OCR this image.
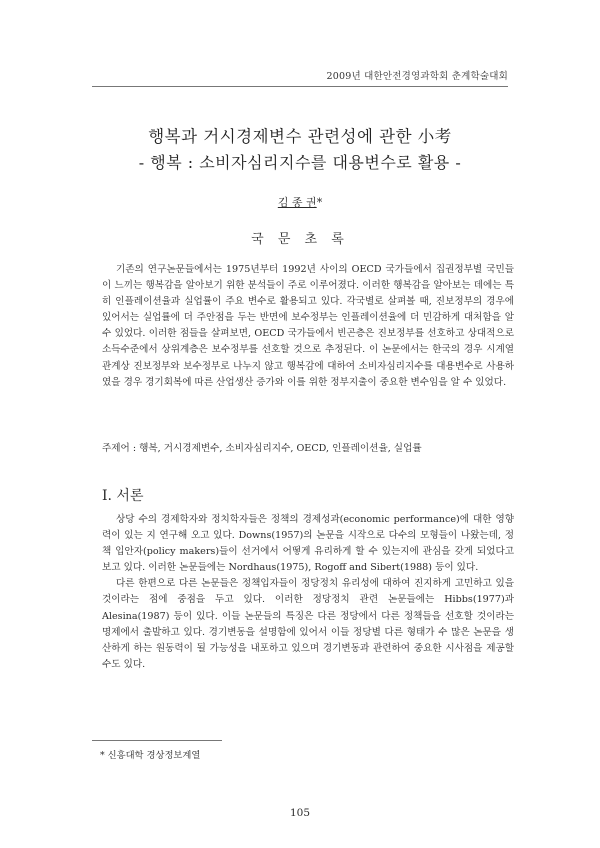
2009년 대한안전경영과학회 춘계학술대회
행복과 거시경제변수 관련성에 관한 小考
- 행복 : 소비자심리지수를 대용변수로 활용 -
김 종 권*
국 문 초 록

기존의 연구논문들에서는 1975년부터 1992년 사이의 OECD 국가들에서 집권정부별 국민들이 느끼는 행복감을 알아보기 위한 분석들이 주로 이루어졌다. 이러한 행복감을 알아보는 데에는 특히 인플레이션율과 실업률이 주요 변수로 활용되고 있다. 각국별로 살펴볼 때, 진보정부의 경우에 있어서는 실업률에 더 주안점을 두는 반면에 보수정부는 인플레이션율에 더 민감하게 대처함을 알 수 있었다. 이러한 점들을 살펴보면, OECD 국가들에서 빈곤층은 진보정부를 선호하고 상대적으로 소득수준에서 상위계층은 보수정부를 선호할 것으로 추정된다. 이 논문에서는 한국의 경우 시계열 관계상 진보정부와 보수정부로 나누지 않고 행복감에 대하여 소비자심리지수를 대용변수로 사용하였을 경우 경기회복에 따른 산업생산 증가와 이를 위한 정부지출이 중요한 변수임을 알 수 있었다.

주제어 : 행복, 거시경제변수, 소비자심리지수, OECD, 인플레이션율, 실업률
Ⅰ. 서론

상당 수의 경제학자와 정치학자들은 정책의 경제성과(economic performance)에 대한 영향력이 있는 지 연구해 오고 있다. Downs(1957)의 논문을 시작으로 다수의 모형들이 나왔는데, 정책 입안자(policy makers)들이 선거에서 어떻게 유리하게 할 수 있는지에 관심을 갖게 되었다고 보고 있다. 이러한 논문들에는 Nordhaus(1975), Rogoff and Sibert(1988) 등이 있다.

다른 한편으로 다른 논문들은 정책입자들이 정당정치 유리성에 대하여 진지하게 고민하고 있을 것이라는 점에 중점을 두고 있다. 이러한 정당정치 관련 논문들에는 Hibbs(1977)과 Alesina(1987) 등이 있다. 이들 논문들의 특징은 다른 정당에서 다른 정책들을 선호할 것이라는 명제에서 출발하고 있다. 경기변동을 설명함에 있어서 이들 정당별 다른 형태가 수 많은 논문을 생산하게 하는 원동력이 될 가능성을 내포하고 있으며 경기변동과 관련하여 중요한 시사점을 제공할 수도 있다.

* 신흥대학 경상정보계열
105
